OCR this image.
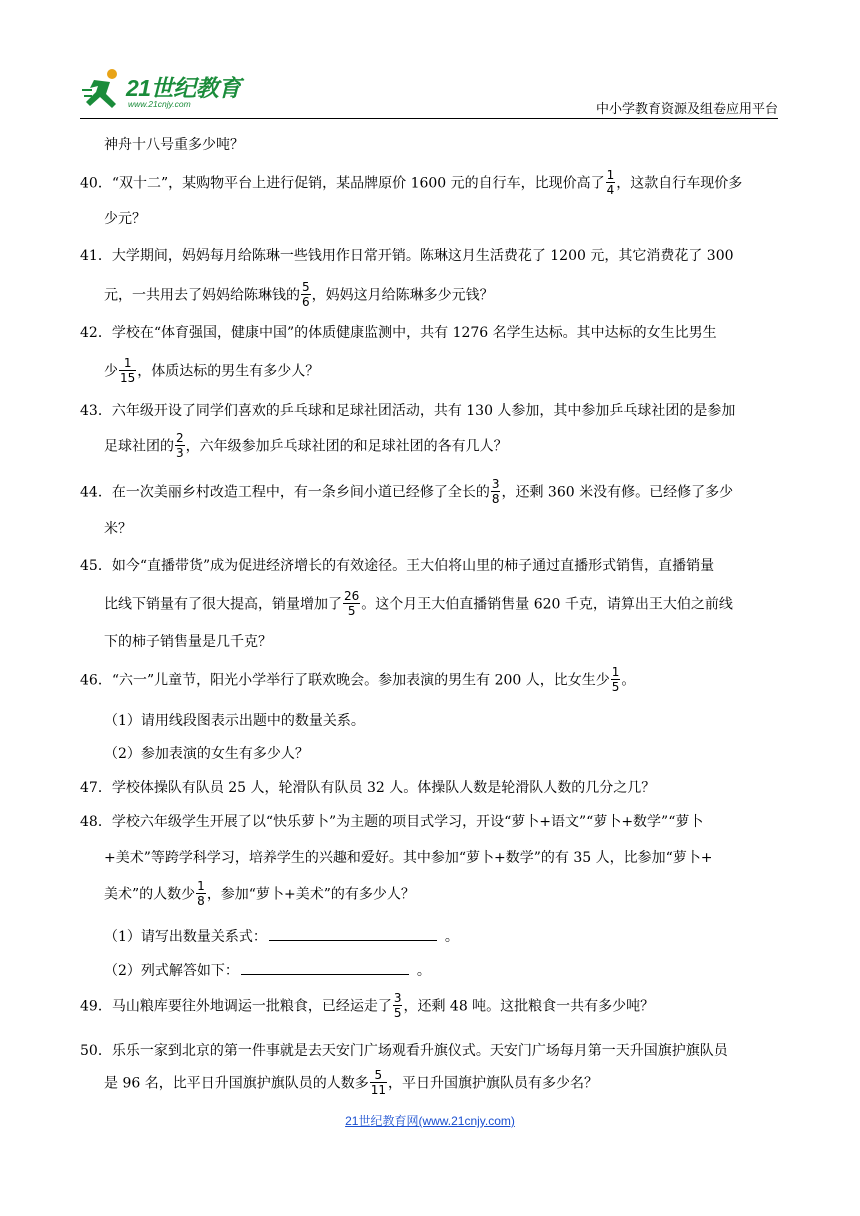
21世纪教育
www.21cnjy.com	中小学教育资源及组卷应用平台
神舟十八号重多少吨？
40．“双十二”，某购物平台上进行促销，某品牌原价 1600 元的自行车，比现价高了 $\frac{1}{4}$ ，这款自行车现价多
少元？
41．大学期间，妈妈每月给陈琳一些钱用作日常开销。陈琳这月生活费花了 1200 元，其它消费花了 300
元，一共用去了妈妈给陈琳钱的 $\frac{5}{6}$ ，妈妈这月给陈琳多少元钱？
42．学校在“体育强国，健康中国”的体质健康监测中，共有 1276 名学生达标。其中达标的女生比男生
少 $\frac{1}{15}$ ，体质达标的男生有多少人？
43．六年级开设了同学们喜欢的乒乓球和足球社团活动，共有 130 人参加，其中参加乒乓球社团的是参加
足球社团的 $\frac{2}{3}$ ，六年级参加乒乓球社团的和足球社团的各有几人？
44．在一次美丽乡村改造工程中，有一条乡间小道已经修了全长的 $\frac{3}{8}$ ，还剩 360 米没有修。已经修了多少
米？
45．如今“直播带货”成为促进经济增长的有效途径。王大伯将山里的柿子通过直播形式销售，直播销量
比线下销量有了很大提高，销量增加了 $\frac{26}{5}$ 。这个月王大伯直播销售量 620 千克，请算出王大伯之前线
下的柿子销售量是几千克？
46．“六一”儿童节，阳光小学举行了联欢晚会。参加表演的男生有 200 人，比女生少 $\frac{1}{5}$ 。
（1）请用线段图表示出题中的数量关系。
（2）参加表演的女生有多少人？
47．学校体操队有队员 25 人，轮滑队有队员 32 人。体操队人数是轮滑队人数的几分之几？
48．学校六年级学生开展了以“快乐萝卜”为主题的项目式学习，开设“萝卜+语文”“萝卜+数学”“萝卜
+美术”等跨学科学习，培养学生的兴趣和爱好。其中参加“萝卜+数学”的有 35 人，比参加“萝卜+
美术”的人数少 $\frac{1}{8}$ ，参加“萝卜+美术”的有多少人？
（1）请写出数量关系式：	。
（2）列式解答如下：	。
49．马山粮库要往外地调运一批粮食，已经运走了 $\frac{3}{5}$ ，还剩 48 吨。这批粮食一共有多少吨？
50．乐乐一家到北京的第一件事就是去天安门广场观看升旗仪式。天安门广场每月第一天升国旗护旗队员
是 96 名，比平日升国旗护旗队员的人数多 $\frac{5}{11}$ ，平日升国旗护旗队员有多少名？
21世纪教育网(www.21cnjy.com)
